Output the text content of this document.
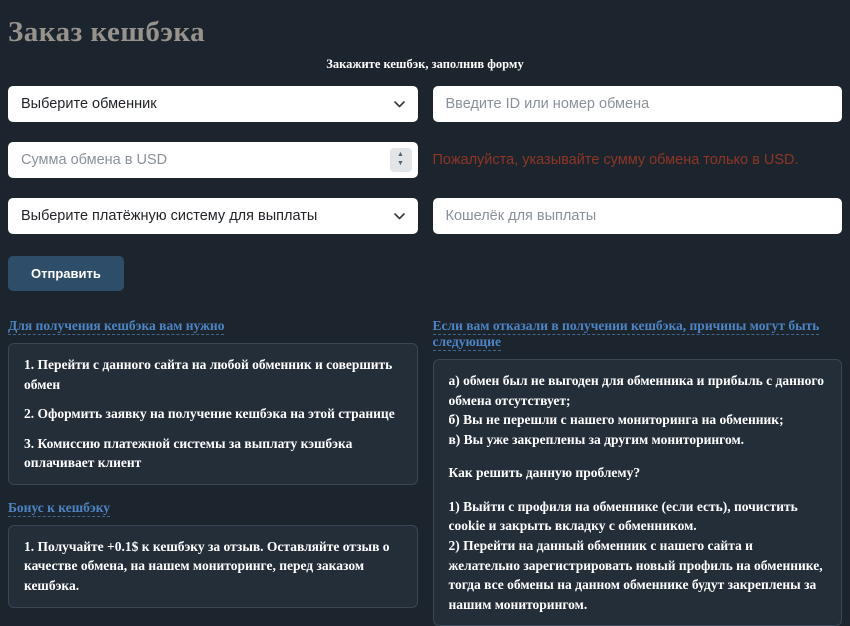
Заказ кешбэка
Закажите кешбэк, заполнив форму
Выберите обменник
Введите ID или номер обмена
Сумма обмена в USD
▲
▼ Пожалуйста, указывайте сумму обмена только в USD.
Выберите платёжную систему для выплаты
Кошелёк для выплаты
Отправить
Для получения кешбэка вам нужно

1. Перейти с данного сайта на любой обменник и совершить обмен

2. Оформить заявку на получение кешбэка на этой странице

3. Комиссию платежной системы за выплату кэшбэка оплачивает клиент

Бонус к кешбэку

1. Получайте +0.1$ к кешбэку за отзыв. Оставляйте отзыв о качестве обмена, на нашем мониторинге, перед заказом кешбэка.

Если вам отказали в получении кешбэка, причины могут быть следующие

а) обмен был не выгоден для обменника и прибыль с данного обмена отсутствует;

б) Вы не перешли с нашего мониторинга на обменник;

в) Вы уже закреплены за другим мониторингом.

Как решить данную проблему?

1) Выйти с профиля на обменнике (если есть), почистить cookie и закрыть вкладку с обменником.

2) Перейти на данный обменник с нашего сайта и желательно зарегистрировать новый профиль на обменнике, тогда все обмены на данном обменнике будут закреплены за нашим мониторингом.
